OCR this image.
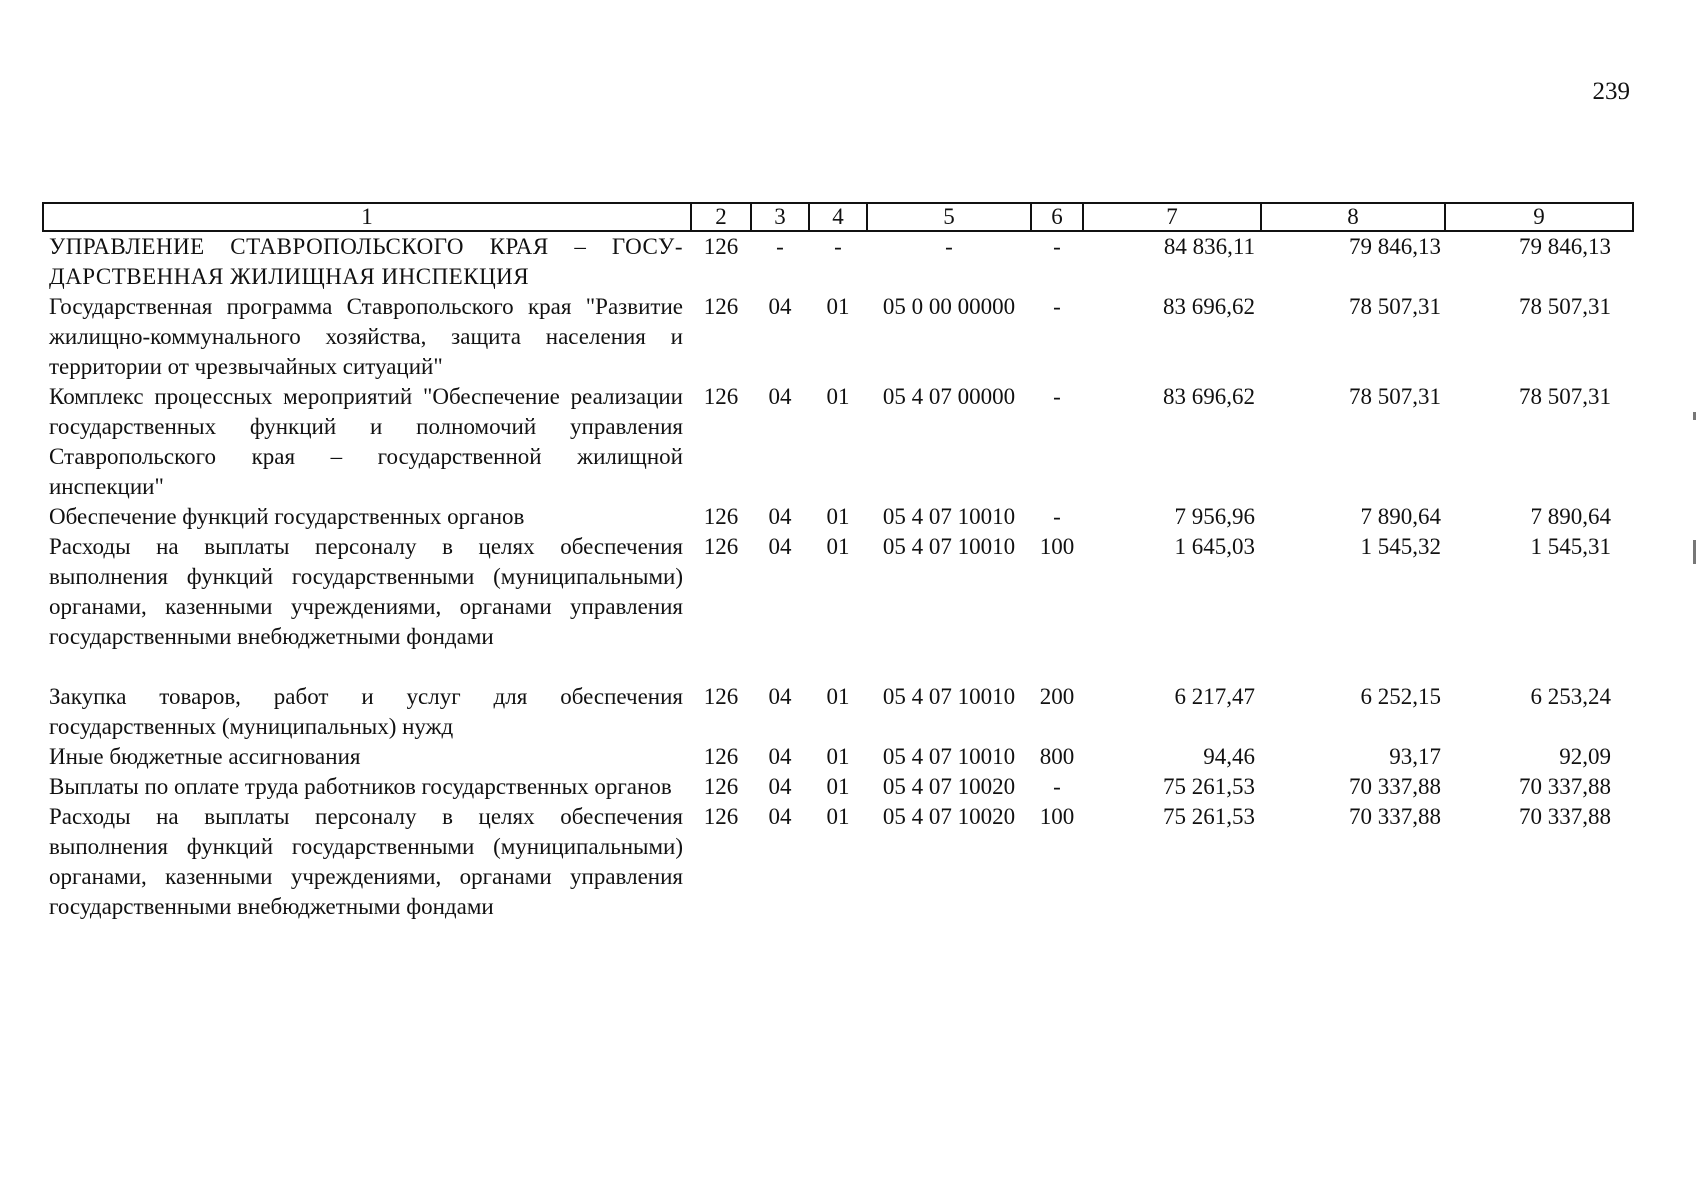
239
1	2	3	4	5	6	7	8	9
УПРАВЛЕНИЕ СТАВРОПОЛЬСКОГО КРАЯ – ГОСУ- ДАРСТВЕННАЯ ЖИЛИЩНАЯ ИНСПЕКЦИЯ	126	-	-	-	-	84 836,11	79 846,13	79 846,13
Государственная программа Ставропольского края "Развитие жилищно-коммунального хозяйства, защита населения и территории от чрезвычайных ситуаций"	126	04	01	05 0 00 00000	-	83 696,62	78 507,31	78 507,31
Комплекс процессных мероприятий "Обеспечение реализации государственных функций и полномочий управления Ставропольского края – государственной жилищной инспекции"	126	04	01	05 4 07 00000	-	83 696,62	78 507,31	78 507,31
Обеспечение функций государственных органов	126	04	01	05 4 07 10010	-	7 956,96	7 890,64	7 890,64
Расходы на выплаты персоналу в целях обеспечения выполнения функций государственными (муниципальными) органами, казенными учреждениями, органами управления государственными внебюджетными фондами	126	04	01	05 4 07 10010	100	1 645,03	1 545,32	1 545,31
Закупка товаров, работ и услуг для обеспечения государственных (муниципальных) нужд	126	04	01	05 4 07 10010	200	6 217,47	6 252,15	6 253,24
Иные бюджетные ассигнования	126	04	01	05 4 07 10010	800	94,46	93,17	92,09
Выплаты по оплате труда работников государственных органов	126	04	01	05 4 07 10020	-	75 261,53	70 337,88	70 337,88
Расходы на выплаты персоналу в целях обеспечения выполнения функций государственными (муниципальными) органами, казенными учреждениями, органами управления государственными внебюджетными фондами	126	04	01	05 4 07 10020	100	75 261,53	70 337,88	70 337,88
